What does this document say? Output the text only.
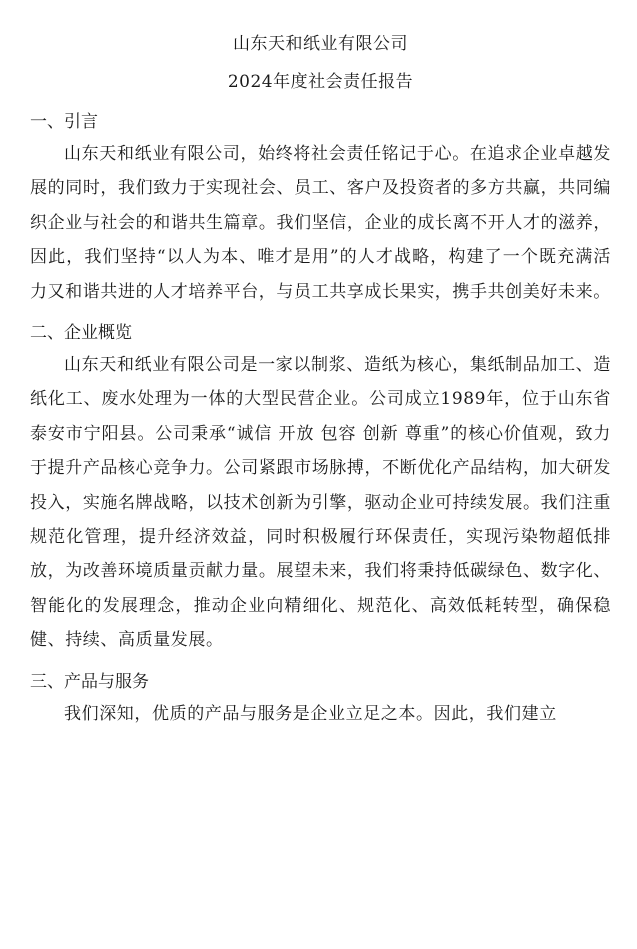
山东天和纸业有限公司
2024年度社会责任报告
一、引言

山东天和纸业有限公司，始终将社会责任铭记于心。在追求企业卓越发展的同时，我们致力于实现社会、员工、客户及投资者的多方共赢，共同编织企业与社会的和谐共生篇章。我们坚信，企业的成长离不开人才的滋养，因此，我们坚持“以人为本、唯才是用”的人才战略，构建了一个既充满活力又和谐共进的人才培养平台，与员工共享成长果实，携手共创美好未来。

二、企业概览

山东天和纸业有限公司是一家以制浆、造纸为核心，集纸制品加工、造纸化工、废水处理为一体的大型民营企业。公司成立1989年，位于山东省泰安市宁阳县。公司秉承“诚信 开放 包容 创新 尊重”的核心价值观，致力于提升产品核心竞争力。公司紧跟市场脉搏，不断优化产品结构，加大研发投入，实施名牌战略，以技术创新为引擎，驱动企业可持续发展。我们注重规范化管理，提升经济效益，同时积极履行环保责任，实现污染物超低排放，为改善环境质量贡献力量。展望未来，我们将秉持低碳绿色、数字化、智能化的发展理念，推动企业向精细化、规范化、高效低耗转型，确保稳健、持续、高质量发展。

三、产品与服务

我们深知，优质的产品与服务是企业立足之本。因此，我们建立
